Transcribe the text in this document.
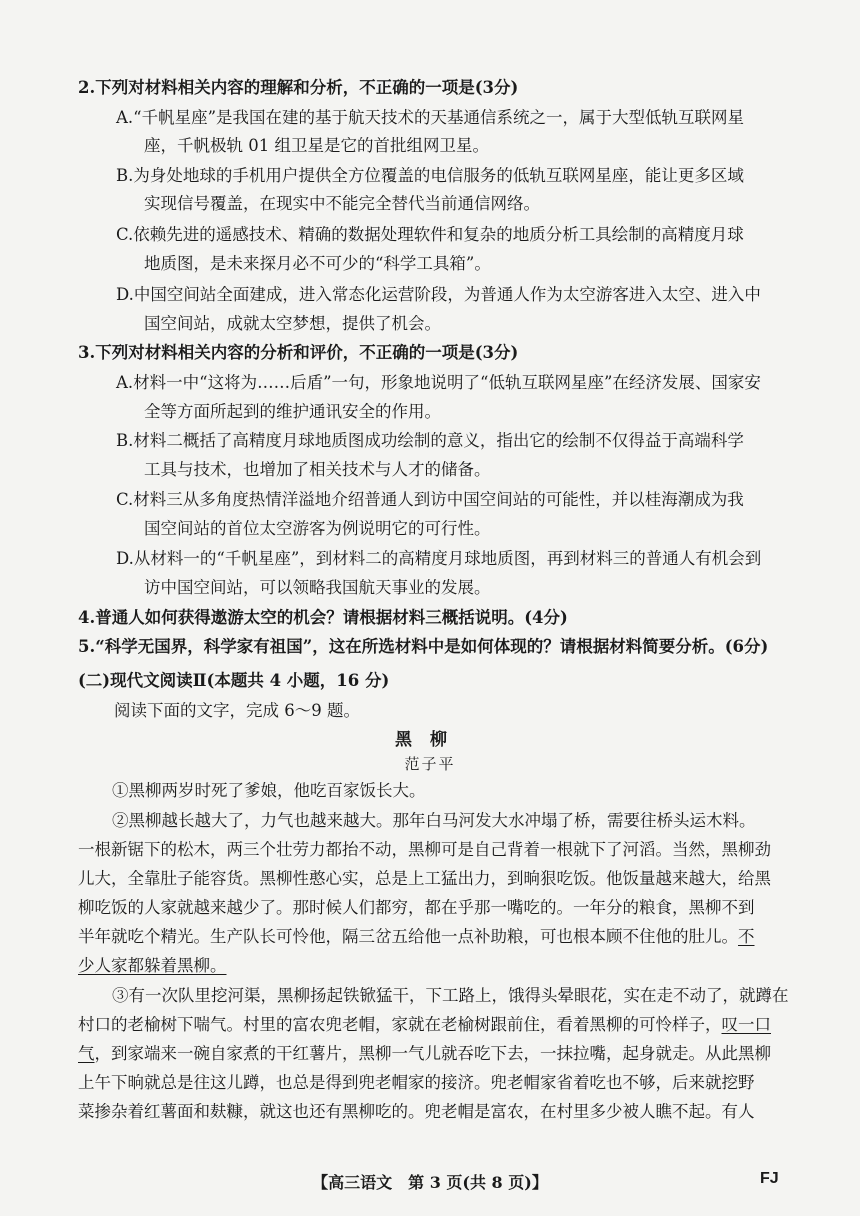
2.下列对材料相关内容的理解和分析，不正确的一项是(3分)
A.“千帆星座”是我国在建的基于航天技术的天基通信系统之一，属于大型低轨互联网星
座，千帆极轨 01 组卫星是它的首批组网卫星。
B.为身处地球的手机用户提供全方位覆盖的电信服务的低轨互联网星座，能让更多区域
实现信号覆盖，在现实中不能完全替代当前通信网络。
C.依赖先进的遥感技术、精确的数据处理软件和复杂的地质分析工具绘制的高精度月球
地质图，是未来探月必不可少的“科学工具箱”。
D.中国空间站全面建成，进入常态化运营阶段，为普通人作为太空游客进入太空、进入中
国空间站，成就太空梦想，提供了机会。
3.下列对材料相关内容的分析和评价，不正确的一项是(3分)
A.材料一中“这将为……后盾”一句，形象地说明了“低轨互联网星座”在经济发展、国家安
全等方面所起到的维护通讯安全的作用。
B.材料二概括了高精度月球地质图成功绘制的意义，指出它的绘制不仅得益于高端科学
工具与技术，也增加了相关技术与人才的储备。
C.材料三从多角度热情洋溢地介绍普通人到访中国空间站的可能性，并以桂海潮成为我
国空间站的首位太空游客为例说明它的可行性。
D.从材料一的“千帆星座”，到材料二的高精度月球地质图，再到材料三的普通人有机会到
访中国空间站，可以领略我国航天事业的发展。
4.普通人如何获得遨游太空的机会？请根据材料三概括说明。(4分)
5.“科学无国界，科学家有祖国”，这在所选材料中是如何体现的？请根据材料简要分析。(6分)
(二)现代文阅读Ⅱ(本题共 4 小题，16 分)
阅读下面的文字，完成 6～9 题。
黑柳
范子平
①黑柳两岁时死了爹娘，他吃百家饭长大。
②黑柳越长越大了，力气也越来越大。那年白马河发大水冲塌了桥，需要往桥头运木料。
一根新锯下的松木，两三个壮劳力都抬不动，黑柳可是自己背着一根就下了河滔。当然，黑柳劲
儿大，全靠肚子能容货。黑柳性憨心实，总是上工猛出力，到晌狠吃饭。他饭量越来越大，给黑
柳吃饭的人家就越来越少了。那时候人们都穷，都在乎那一嘴吃的。一年分的粮食，黑柳不到
半年就吃个精光。生产队长可怜他，隔三岔五给他一点补助粮，可也根本顾不住他的肚儿。不
少人家都躲着黑柳。
③有一次队里挖河渠，黑柳扬起铁锨猛干，下工路上，饿得头晕眼花，实在走不动了，就蹲在
村口的老榆树下喘气。村里的富农兜老帽，家就在老榆树跟前住，看着黑柳的可怜样子，叹一口
气，到家端来一碗自家煮的干红薯片，黑柳一气儿就吞吃下去，一抹拉嘴，起身就走。从此黑柳
上午下晌就总是往这儿蹲，也总是得到兜老帽家的接济。兜老帽家省着吃也不够，后来就挖野
菜掺杂着红薯面和麸糠，就这也还有黑柳吃的。兜老帽是富农，在村里多少被人瞧不起。有人
【高三语文　第 3 页(共 8 页)】	FJ
